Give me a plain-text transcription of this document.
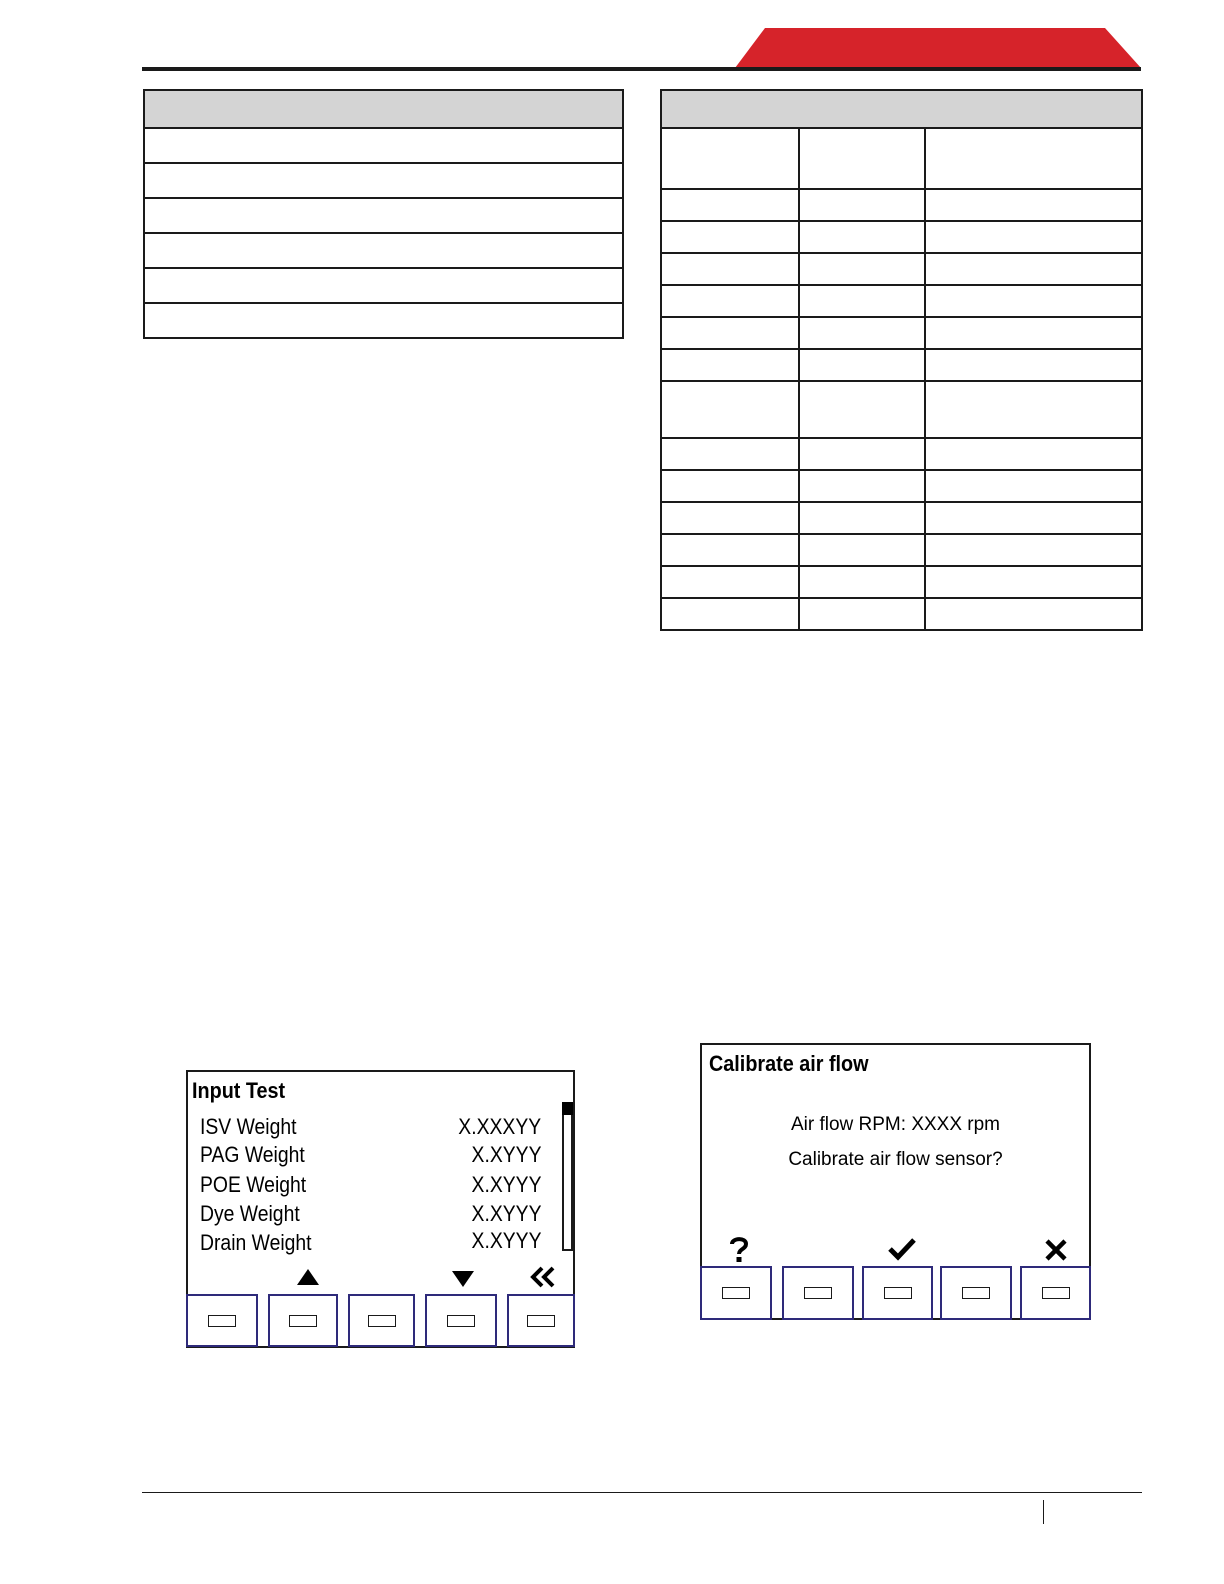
Input Test
ISV Weight	X.XXXYY
PAG Weight	X.XYYY
POE Weight	X.XYYY
Dye Weight	X.XYYY
Drain Weight	X.XYYY
Calibrate air flow
Air flow RPM: XXXX rpm
Calibrate air flow sensor?
